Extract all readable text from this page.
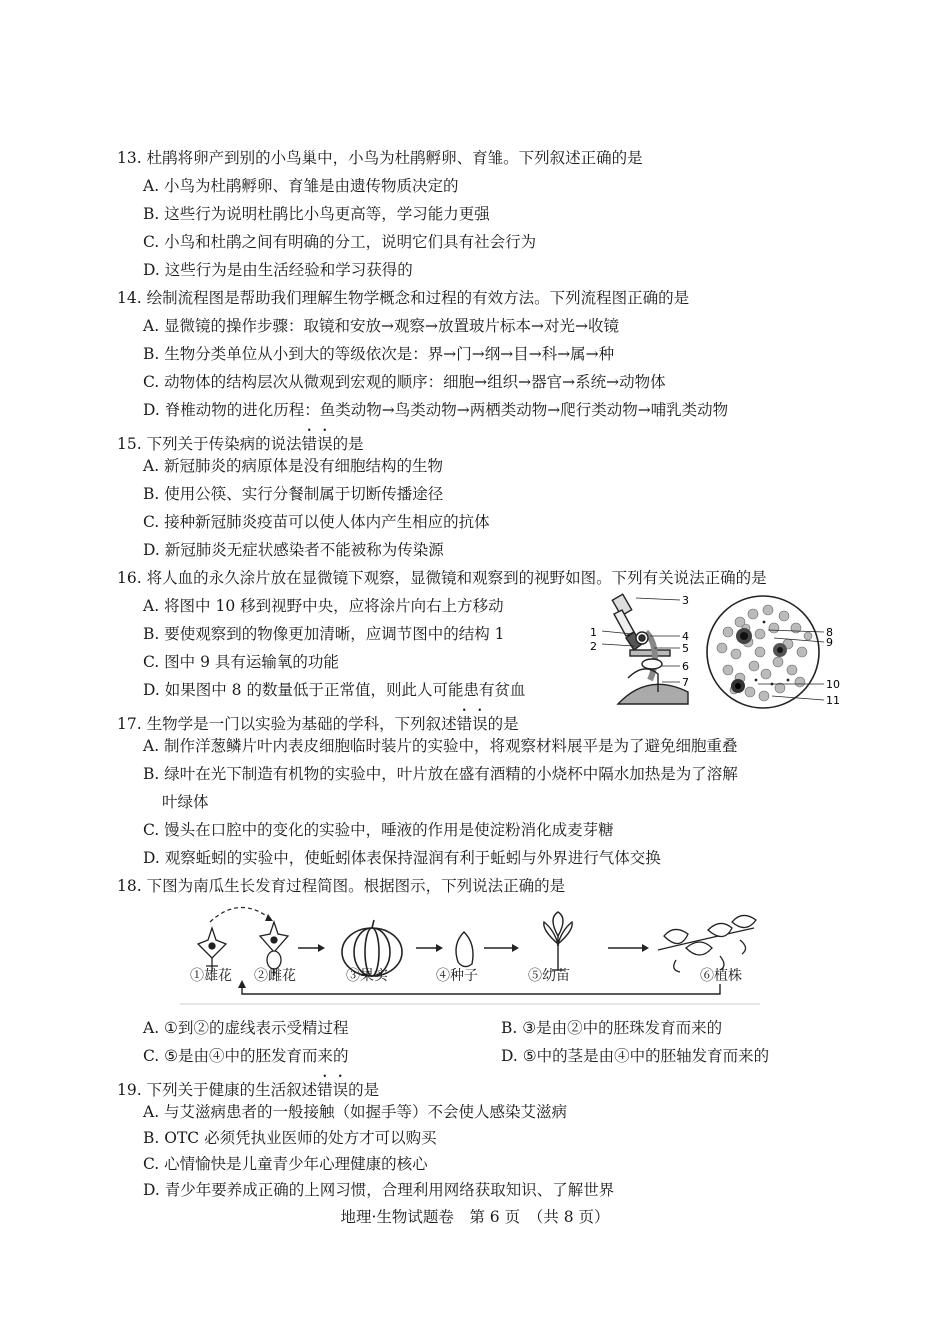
13. 杜鹃将卵产到别的小鸟巢中，小鸟为杜鹃孵卵、育雏。下列叙述正确的是
A. 小鸟为杜鹃孵卵、育雏是由遗传物质决定的
B. 这些行为说明杜鹃比小鸟更高等，学习能力更强
C. 小鸟和杜鹃之间有明确的分工，说明它们具有社会行为
D. 这些行为是由生活经验和学习获得的
14. 绘制流程图是帮助我们理解生物学概念和过程的有效方法。下列流程图正确的是
A. 显微镜的操作步骤：取镜和安放→观察→放置玻片标本→对光→收镜
B. 生物分类单位从小到大的等级依次是：界→门→纲→目→科→属→种
C. 动物体的结构层次从微观到宏观的顺序：细胞→组织→器官→系统→动物体
D. 脊椎动物的进化历程：鱼类动物→鸟类动物→两栖类动物→爬行类动物→哺乳类动物
15. 下列关于传染病的说法错误的是
A. 新冠肺炎的病原体是没有细胞结构的生物
B. 使用公筷、实行分餐制属于切断传播途径
C. 接种新冠肺炎疫苗可以使人体内产生相应的抗体
D. 新冠肺炎无症状感染者不能被称为传染源
16. 将人血的永久涂片放在显微镜下观察，显微镜和观察到的视野如图。下列有关说法正确的是
A. 将图中 10 移到视野中央，应将涂片向右上方移动
B. 要使观察到的物像更加清晰，应调节图中的结构 1
C. 图中 9 具有运输氧的功能
D. 如果图中 8 的数量低于正常值，则此人可能患有贫血
1
2
3
4
5
6
7
8
9
10
11
17. 生物学是一门以实验为基础的学科，下列叙述错误的是
A. 制作洋葱鳞片叶内表皮细胞临时装片的实验中，将观察材料展平是为了避免细胞重叠
B. 绿叶在光下制造有机物的实验中，叶片放在盛有酒精的小烧杯中隔水加热是为了溶解
叶绿体
C. 馒头在口腔中的变化的实验中，唾液的作用是使淀粉消化成麦芽糖
D. 观察蚯蚓的实验中，使蚯蚓体表保持湿润有利于蚯蚓与外界进行气体交换
18. 下图为南瓜生长发育过程简图。根据图示，下列说法正确的是
①雄花 ②雌花	③果实	④种子	⑤幼苗	⑥植株
A. ①到②的虚线表示受精过程	B. ③是由②中的胚珠发育而来的
C. ⑤是由④中的胚发育而来的	D. ⑤中的茎是由④中的胚轴发育而来的
19. 下列关于健康的生活叙述错误的是
A. 与艾滋病患者的一般接触（如握手等）不会使人感染艾滋病
B. OTC 必须凭执业医师的处方才可以购买
C. 心情愉快是儿童青少年心理健康的核心
D. 青少年要养成正确的上网习惯，合理利用网络获取知识、了解世界
地理·生物试题卷　第 6 页　（共 8 页）
